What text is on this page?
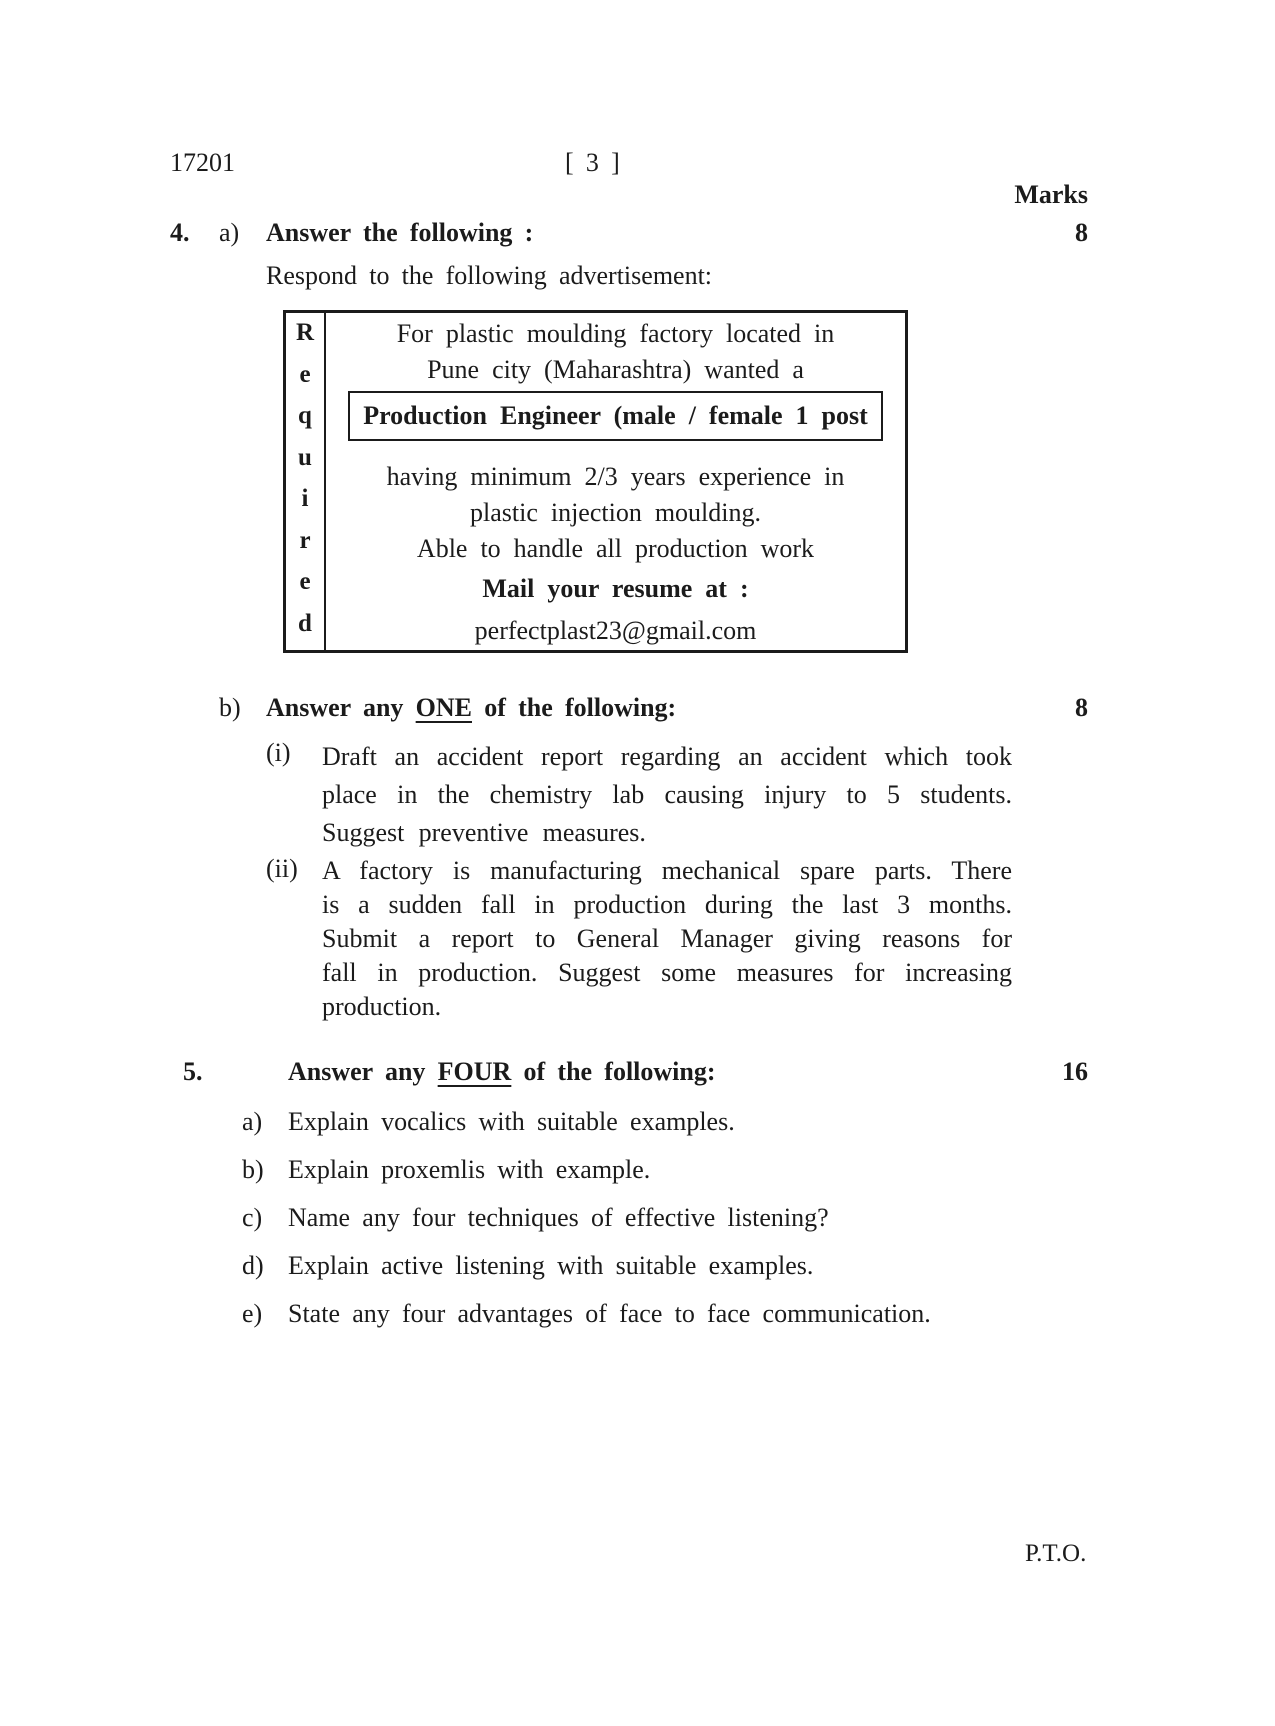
17201	[ 3 ]
Marks
4. a) Answer the following :	8
Respond to the following advertisement:
R
e
q
u
i
r
e
d
For plastic moulding factory located in
Pune city (Maharashtra) wanted a
Production Engineer (male / female 1 post
having minimum 2/3 years experience in
plastic injection moulding.
Able to handle all production work
Mail your resume at :
perfectplast23@gmail.com
b) Answer any ONE of the following:	8
(i) Draft an accident report regarding an accident which took
place in the chemistry lab causing injury to 5 students.
Suggest preventive measures.
(ii) A factory is manufacturing mechanical spare parts. There
is a sudden fall in production during the last 3 months.
Submit a report to General Manager giving reasons for
fall in production. Suggest some measures for increasing
production.
5.	Answer any FOUR of the following:	16
a) Explain vocalics with suitable examples.
b) Explain proxemlis with example.
c) Name any four techniques of effective listening?
d) Explain active listening with suitable examples.
e) State any four advantages of face to face communication.
P.T.O.
